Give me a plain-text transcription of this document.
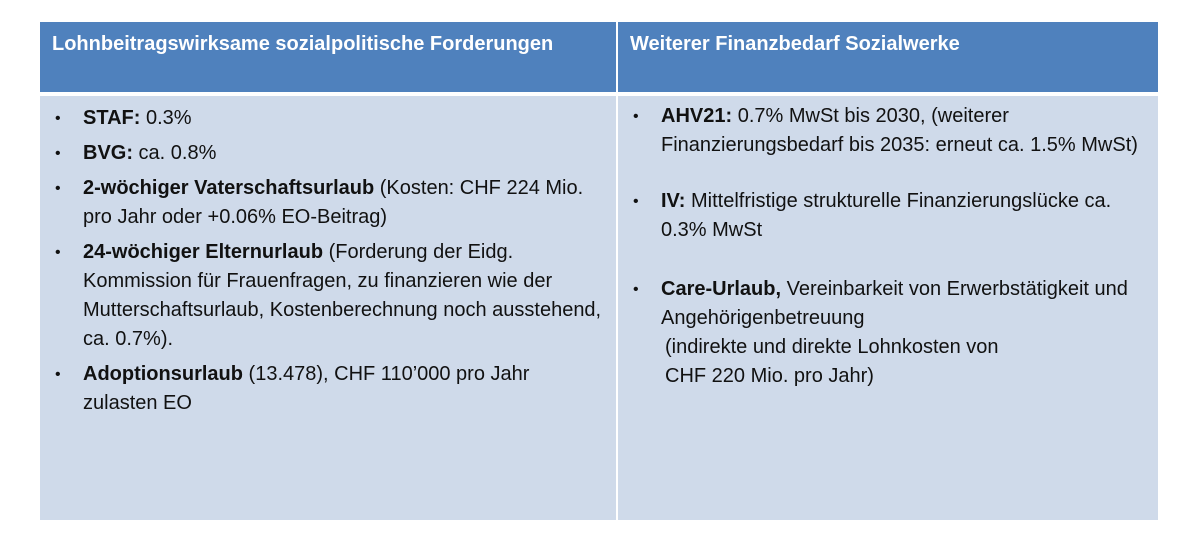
Lohnbeitragswirksame sozialpolitische Forderungen	Weiterer Finanzbedarf Sozialwerke
• STAF: 0.3%
• BVG: ca. 0.8%
• 2-wöchiger Vaterschaftsurlaub (Kosten: CHF 224 Mio. pro Jahr oder +0.06% EO-Beitrag)
• 24-wöchiger Elternurlaub (Forderung der Eidg. Kommission für Frauenfragen, zu finanzieren wie der Mutterschaftsurlaub, Kostenberechnung noch ausstehend,
ca. 0.7%).
• Adoptionsurlaub (13.478), CHF 110’000 pro Jahr zulasten EO
• AHV21: 0.7% MwSt bis 2030, (weiterer Finanzierungsbedarf bis 2035: erneut ca. 1.5% MwSt)
• IV: Mittelfristige strukturelle Finanzierungslücke ca. 0.3% MwSt
• Care-Urlaub, Vereinbarkeit von Erwerbstätigkeit und Angehörigenbetreuung
(indirekte und direkte Lohnkosten von
CHF 220 Mio. pro Jahr)
